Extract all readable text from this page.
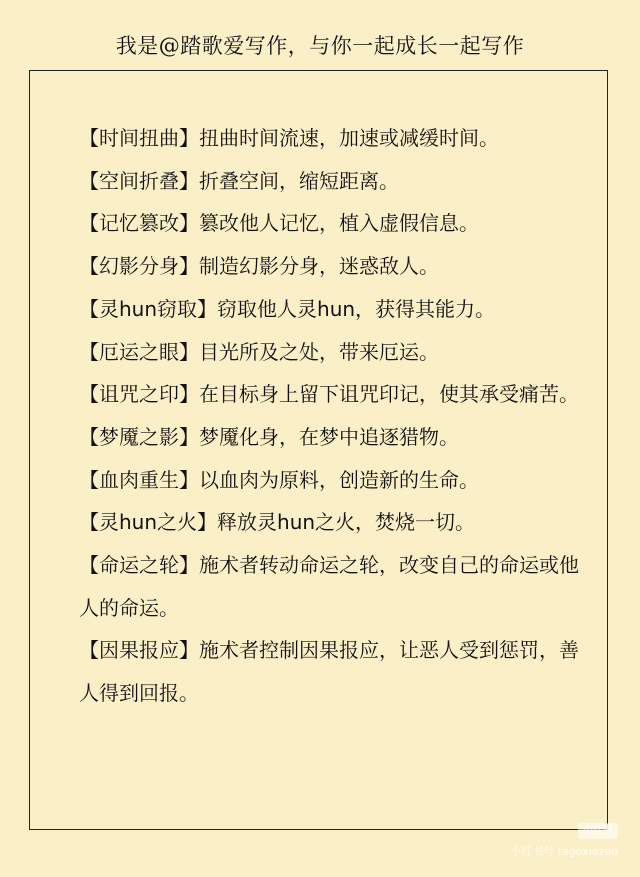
我是@踏歌爱写作，与你一起成长一起写作

【时间扭曲】扭曲时间流速，加速或减缓时间。

【空间折叠】折叠空间，缩短距离。

【记忆篡改】篡改他人记忆，植入虚假信息。

【幻影分身】制造幻影分身，迷惑敌人。

【灵hun窃取】窃取他人灵hun，获得其能力。

【厄运之眼】目光所及之处，带来厄运。

【诅咒之印】在目标身上留下诅咒印记，使其承受痛苦。

【梦魇之影】梦魇化身，在梦中追逐猎物。

【血肉重生】以血肉为原料，创造新的生命。

【灵hun之火】释放灵hun之火，焚烧一切。

【命运之轮】施术者转动命运之轮，改变自己的命运或他人的命运。

【因果报应】施术者控制因果报应，让恶人受到惩罚，善人得到回报。

小红书
小红书号 tagexiezuo
